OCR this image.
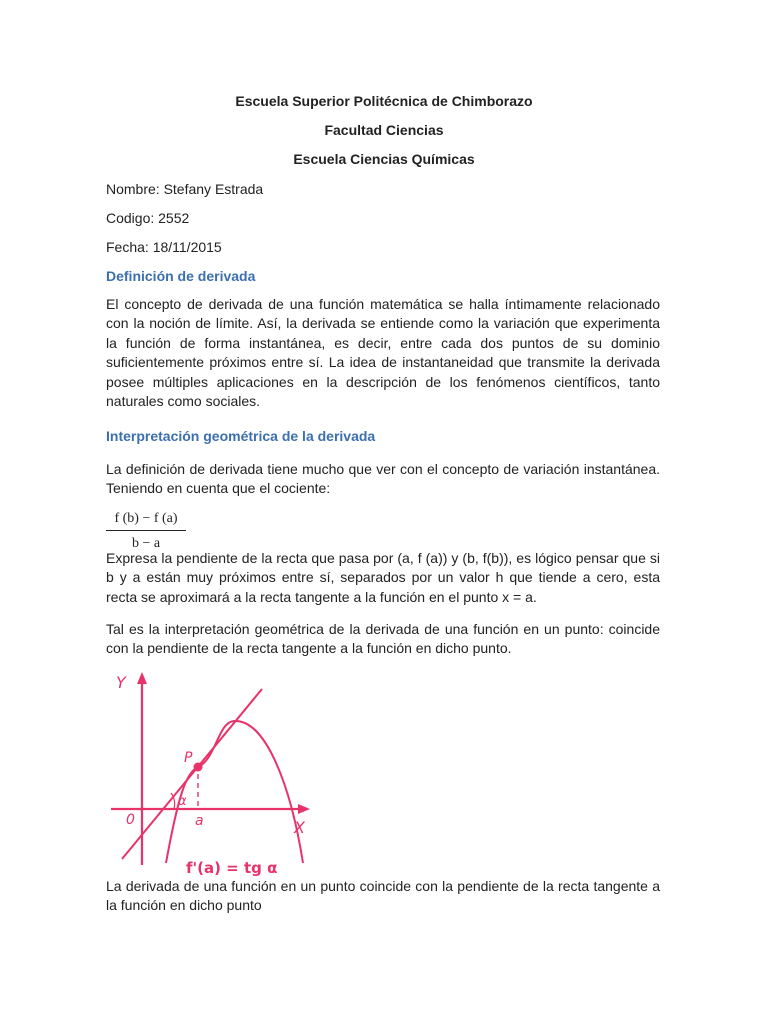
Escuela Superior Politécnica de Chimborazo
Facultad Ciencias
Escuela Ciencias Químicas
Nombre: Stefany Estrada
Codigo: 2552
Fecha: 18/11/2015
Definición de derivada
El concepto de derivada de una función matemática se halla íntimamente relacionado con la noción de límite. Así, la derivada se entiende como la variación que experimenta la función de forma instantánea, es decir, entre cada dos puntos de su dominio suficientemente próximos entre sí. La idea de instantaneidad que transmite la derivada posee múltiples aplicaciones en la descripción de los fenómenos científicos, tanto naturales como sociales.
Interpretación geométrica de la derivada
La definición de derivada tiene mucho que ver con el concepto de variación instantánea. Teniendo en cuenta que el cociente:
$\frac{f (b) - f (a)}{b - a}$
Expresa la pendiente de la recta que pasa por (a, f (a)) y (b, f(b)), es lógico pensar que si b y a están muy próximos entre sí, separados por un valor h que tiende a cero, esta recta se aproximará a la recta tangente a la función en el punto x = a.
Tal es la interpretación geométrica de la derivada de una función en un punto: coincide con la pendiente de la recta tangente a la función en dicho punto.
Y
X
0
P
a
α
f'(a) = tg α
La derivada de una función en un punto coincide con la pendiente de la recta tangente a la función en dicho punto
